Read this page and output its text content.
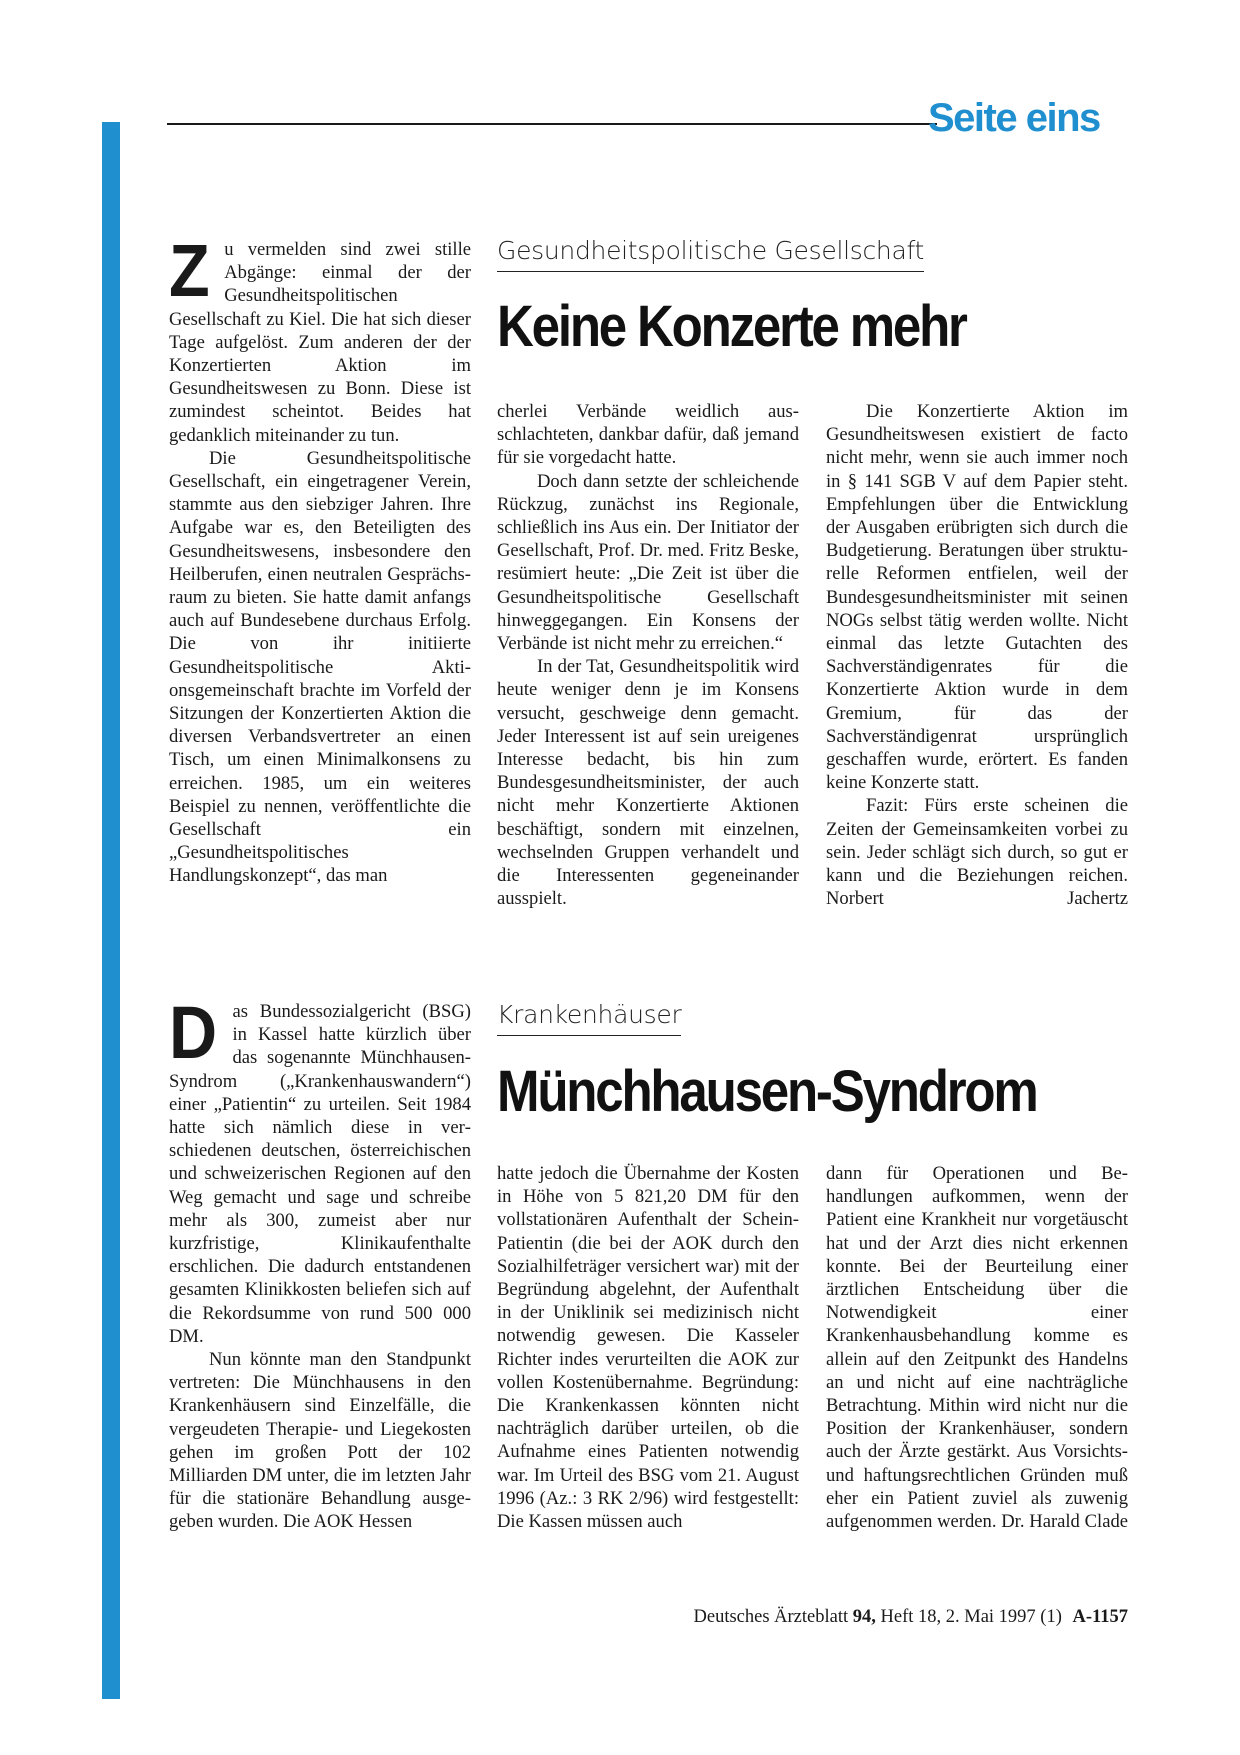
Seite eins
Z u vermelden sind zwei stille Abgänge: einmal der der Gesundheitspolitischen Gesellschaft zu Kiel. Die hat sich dieser Tage aufgelöst. Zum anderen der der Konzertierten Aktion im Gesundheitswesen zu Bonn. Diese ist zumindest scheintot. Beides hat gedanklich miteinander zu tun.

Die Gesundheitspolitische Gesellschaft, ein eingetragener Verein, stammte aus den siebziger Jahren. Ihre Aufgabe war es, den Beteiligten des Gesundheitswesens, insbesondere den Heilberufen, einen neutralen Gesprächsraum zu bieten. Sie hatte damit anfangs auch auf Bundesebene durchaus Erfolg. Die von ihr initiierte Gesundheitspolitische Aktionsgemeinschaft brachte im Vorfeld der Sitzungen der Konzertierten Aktion die diversen Verbandsvertreter an einen Tisch, um einen Minimalkonsens zu erreichen. 1985, um ein weiteres Beispiel zu nennen, veröffentlichte die Gesellschaft ein „Gesundheitspolitisches Handlungskonzept“, das man

Gesundheitspolitische Gesellschaft
Keine Konzerte mehr

cherlei Verbände weidlich ausschlachteten, dankbar dafür, daß jemand für sie vorgedacht hatte.

Doch dann setzte der schleichende Rückzug, zunächst ins Regionale, schließlich ins Aus ein. Der Initiator der Gesellschaft, Prof. Dr. med. Fritz Beske, resümiert heute: „Die Zeit ist über die Gesundheitspolitische Gesellschaft hinweggegangen. Ein Konsens der Verbände ist nicht mehr zu erreichen.“

In der Tat, Gesundheitspolitik wird heute weniger denn je im Konsens versucht, geschweige denn gemacht. Jeder Interessent ist auf sein ureigenes Interesse bedacht, bis hin zum Bundesgesundheitsminister, der auch nicht mehr Konzertierte Aktionen beschäftigt, sondern mit einzelnen, wechselnden Gruppen verhandelt und die Interessenten gegeneinander ausspielt.

Die Konzertierte Aktion im Gesundheitswesen existiert de facto nicht mehr, wenn sie auch immer noch in § 141 SGB V auf dem Papier steht. Empfehlungen über die Entwicklung der Ausgaben erübrigten sich durch die Budgetierung. Beratungen über strukturelle Reformen entfielen, weil der Bundesgesundheitsminister mit seinen NOGs selbst tätig werden wollte. Nicht einmal das letzte Gutachten des Sachverständigenrates für die Konzertierte Aktion wurde in dem Gremium, für das der Sachverständigenrat ursprünglich geschaffen wurde, erörtert. Es fanden keine Konzerte statt.

Fazit: Fürs erste scheinen die Zeiten der Gemeinsamkeiten vorbei zu sein. Jeder schlägt sich durch, so gut er kann und die Beziehungen reichen. Norbert Jachertz

D as Bundessozialgericht (BSG) in Kassel hatte kürzlich über das sogenannte Münchhausen-Syndrom („Krankenhauswandern“) einer „Patientin“ zu urteilen. Seit 1984 hatte sich nämlich diese in verschiedenen deutschen, österreichischen und schweizerischen Regionen auf den Weg gemacht und sage und schreibe mehr als 300, zumeist aber nur kurzfristige, Klinikaufenthalte erschlichen. Die dadurch entstandenen gesamten Klinikkosten beliefen sich auf die Rekordsumme von rund 500 000 DM.

Nun könnte man den Standpunkt vertreten: Die Münchhausens in den Krankenhäusern sind Einzelfälle, die vergeudeten Therapie- und Liegekosten gehen im großen Pott der 102 Milliarden DM unter, die im letzten Jahr für die stationäre Behandlung ausgegeben wurden. Die AOK Hessen

Krankenhäuser
Münchhausen-Syndrom

hatte jedoch die Übernahme der Kosten in Höhe von 5 821,20 DM für den vollstationären Aufenthalt der Schein-Patientin (die bei der AOK durch den Sozialhilfeträger versichert war) mit der Begründung abgelehnt, der Aufenthalt in der Uniklinik sei medizinisch nicht notwendig gewesen. Die Kasseler Richter indes verurteilten die AOK zur vollen Kostenübernahme. Begründung: Die Krankenkassen könnten nicht nachträglich darüber urteilen, ob die Aufnahme eines Patienten notwendig war. Im Urteil des BSG vom 21. August 1996 (Az.: 3 RK 2/96) wird festgestellt: Die Kassen müssen auch

dann für Operationen und Behandlungen aufkommen, wenn der Patient eine Krankheit nur vorgetäuscht hat und der Arzt dies nicht erkennen konnte. Bei der Beurteilung einer ärztlichen Entscheidung über die Notwendigkeit einer Krankenhausbehandlung komme es allein auf den Zeitpunkt des Handelns an und nicht auf eine nachträgliche Betrachtung. Mithin wird nicht nur die Position der Krankenhäuser, sondern auch der Ärzte gestärkt. Aus Vorsichts- und haftungsrechtlichen Gründen muß eher ein Patient zuviel als zuwenig aufgenommen werden. Dr. Harald Clade

Deutsches Ärzteblatt 94, Heft 18, 2. Mai 1997 (1) A-1157
